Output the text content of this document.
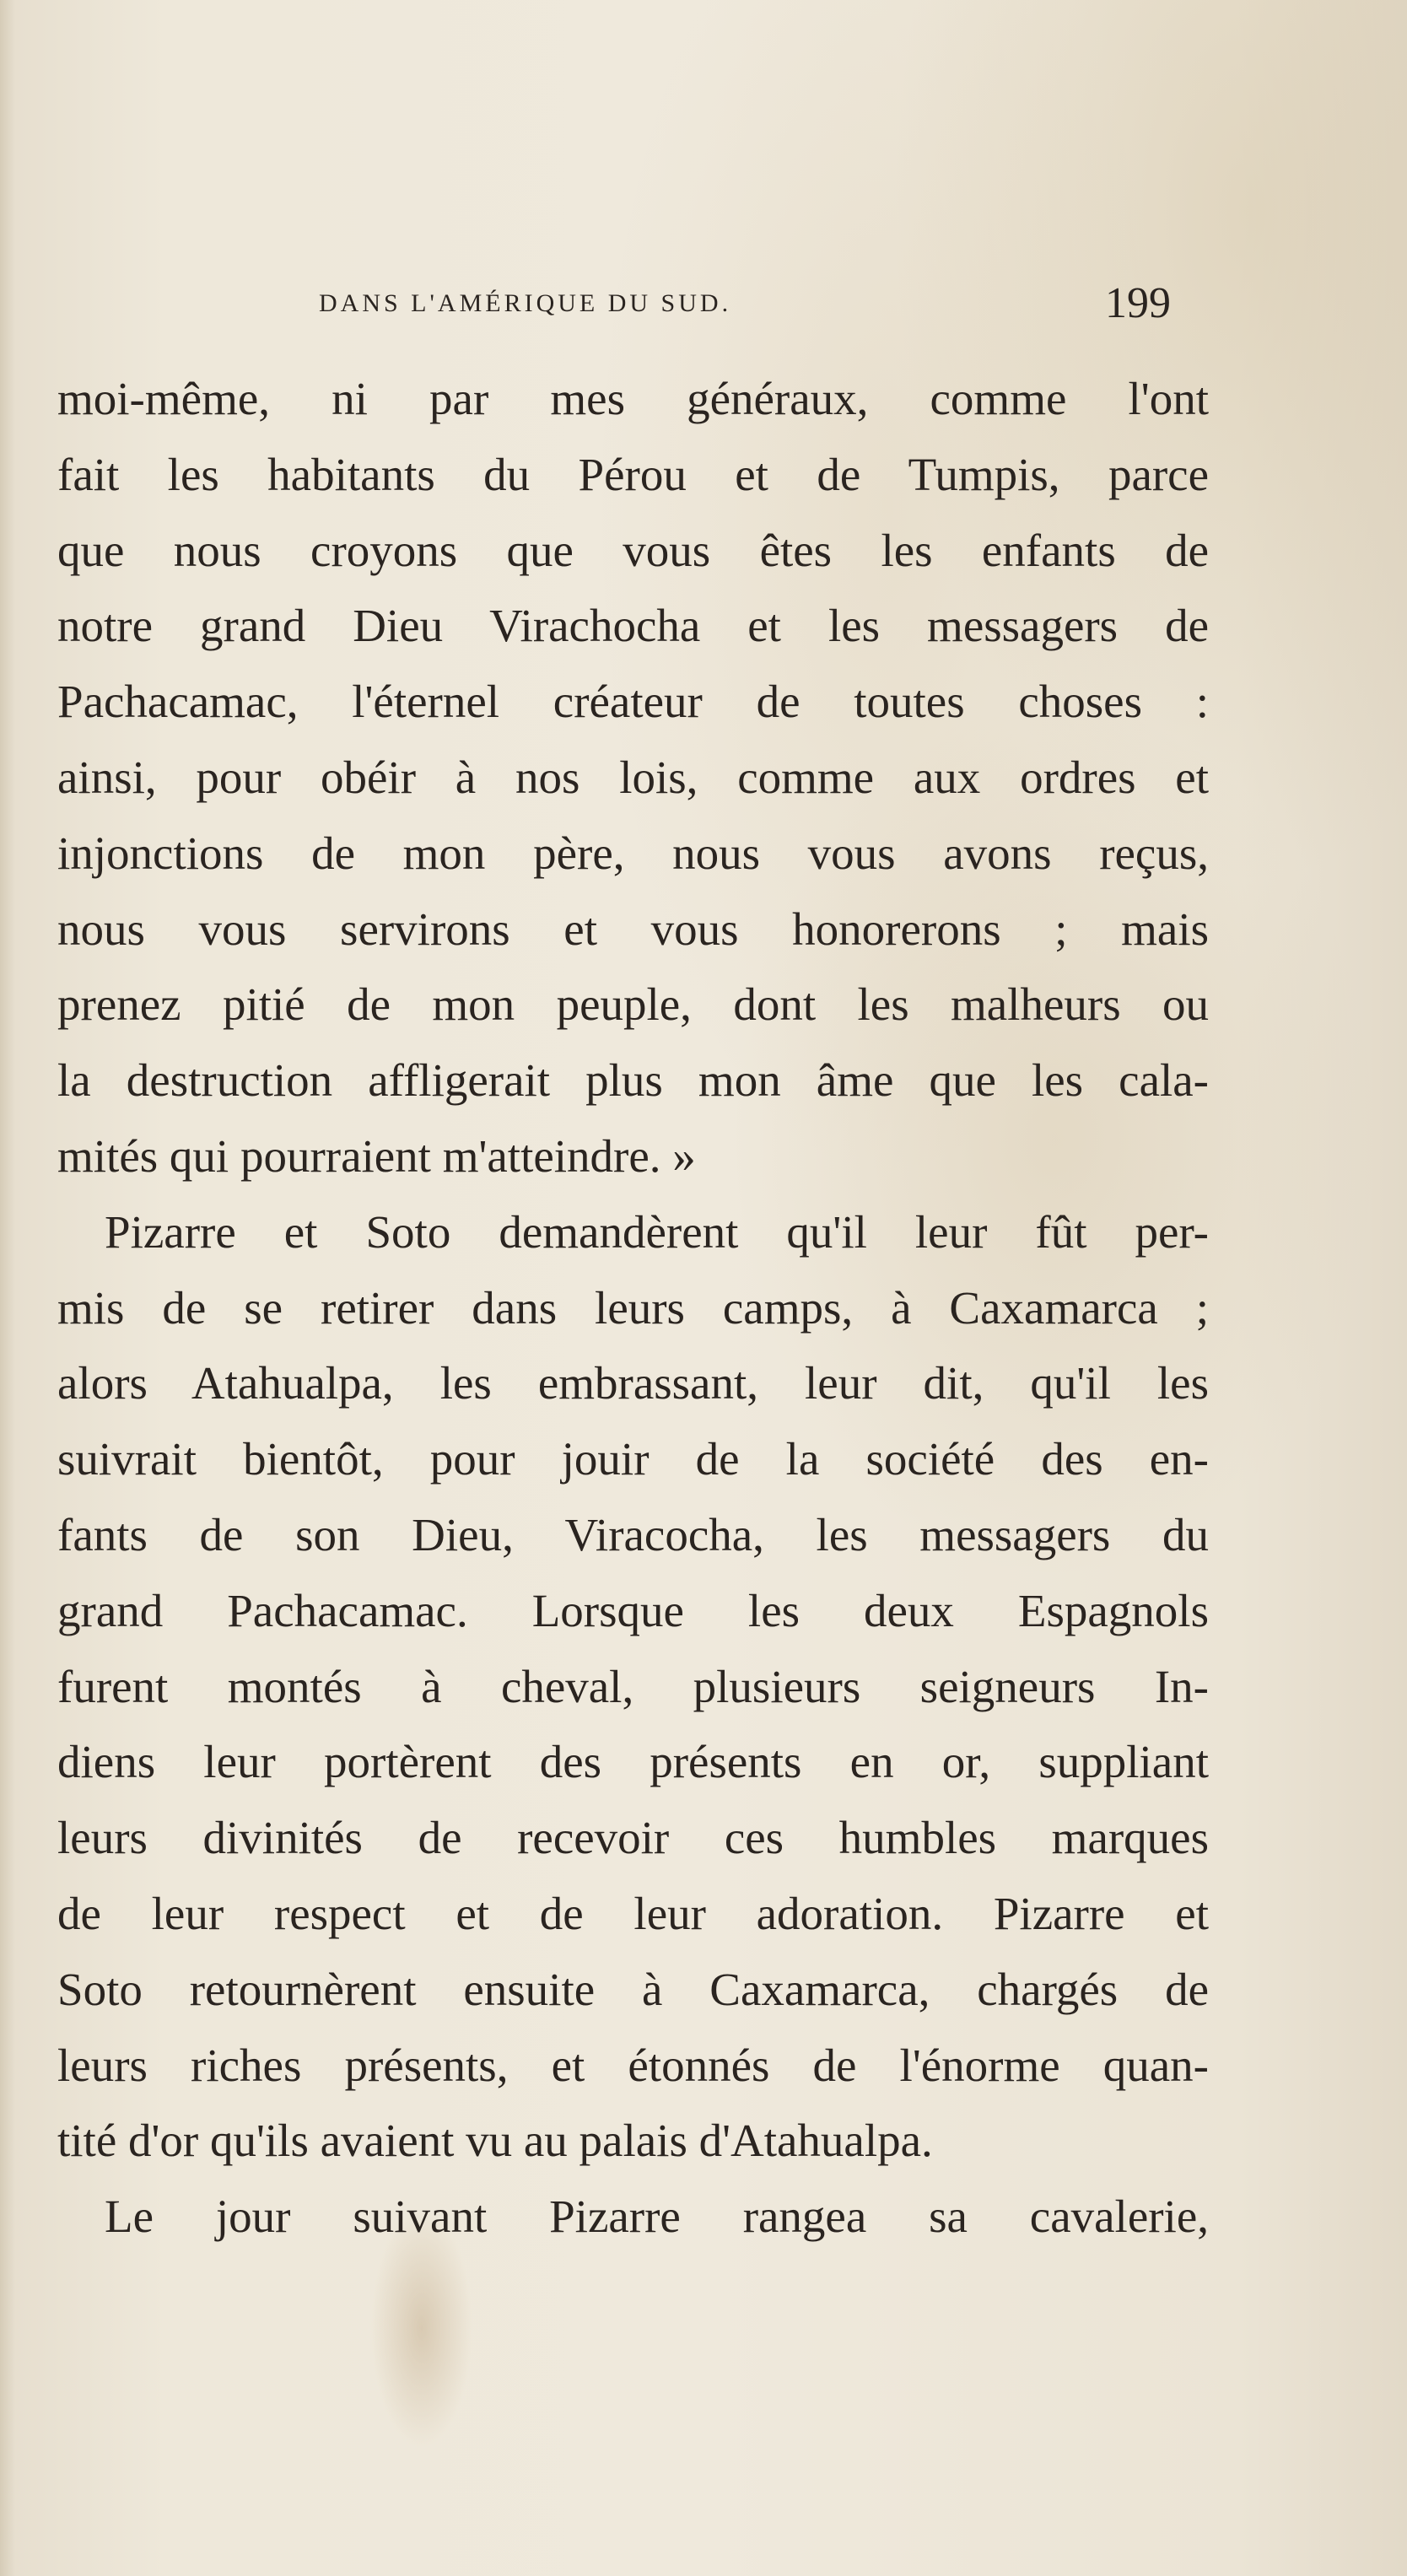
DANS L'AMÉRIQUE DU SUD.	199
moi-même, ni par mes généraux, comme l'ont
fait les habitants du Pérou et de Tumpis, parce
que nous croyons que vous êtes les enfants de
notre grand Dieu Virachocha et les messagers de
Pachacamac, l'éternel créateur de toutes choses :
ainsi, pour obéir à nos lois, comme aux ordres et
injonctions de mon père, nous vous avons reçus,
nous vous servirons et vous honorerons ; mais
prenez pitié de mon peuple, dont les malheurs ou
la destruction affligerait plus mon âme que les cala-
mités qui pourraient m'atteindre. »
Pizarre et Soto demandèrent qu'il leur fût per-
mis de se retirer dans leurs camps, à Caxamarca ;
alors Atahualpa, les embrassant, leur dit, qu'il les
suivrait bientôt, pour jouir de la société des en-
fants de son Dieu, Viracocha, les messagers du
grand Pachacamac. Lorsque les deux Espagnols
furent montés à cheval, plusieurs seigneurs In-
diens leur portèrent des présents en or, suppliant
leurs divinités de recevoir ces humbles marques
de leur respect et de leur adoration. Pizarre et
Soto retournèrent ensuite à Caxamarca, chargés de
leurs riches présents, et étonnés de l'énorme quan-
tité d'or qu'ils avaient vu au palais d'Atahualpa.
Le jour suivant Pizarre rangea sa cavalerie,
